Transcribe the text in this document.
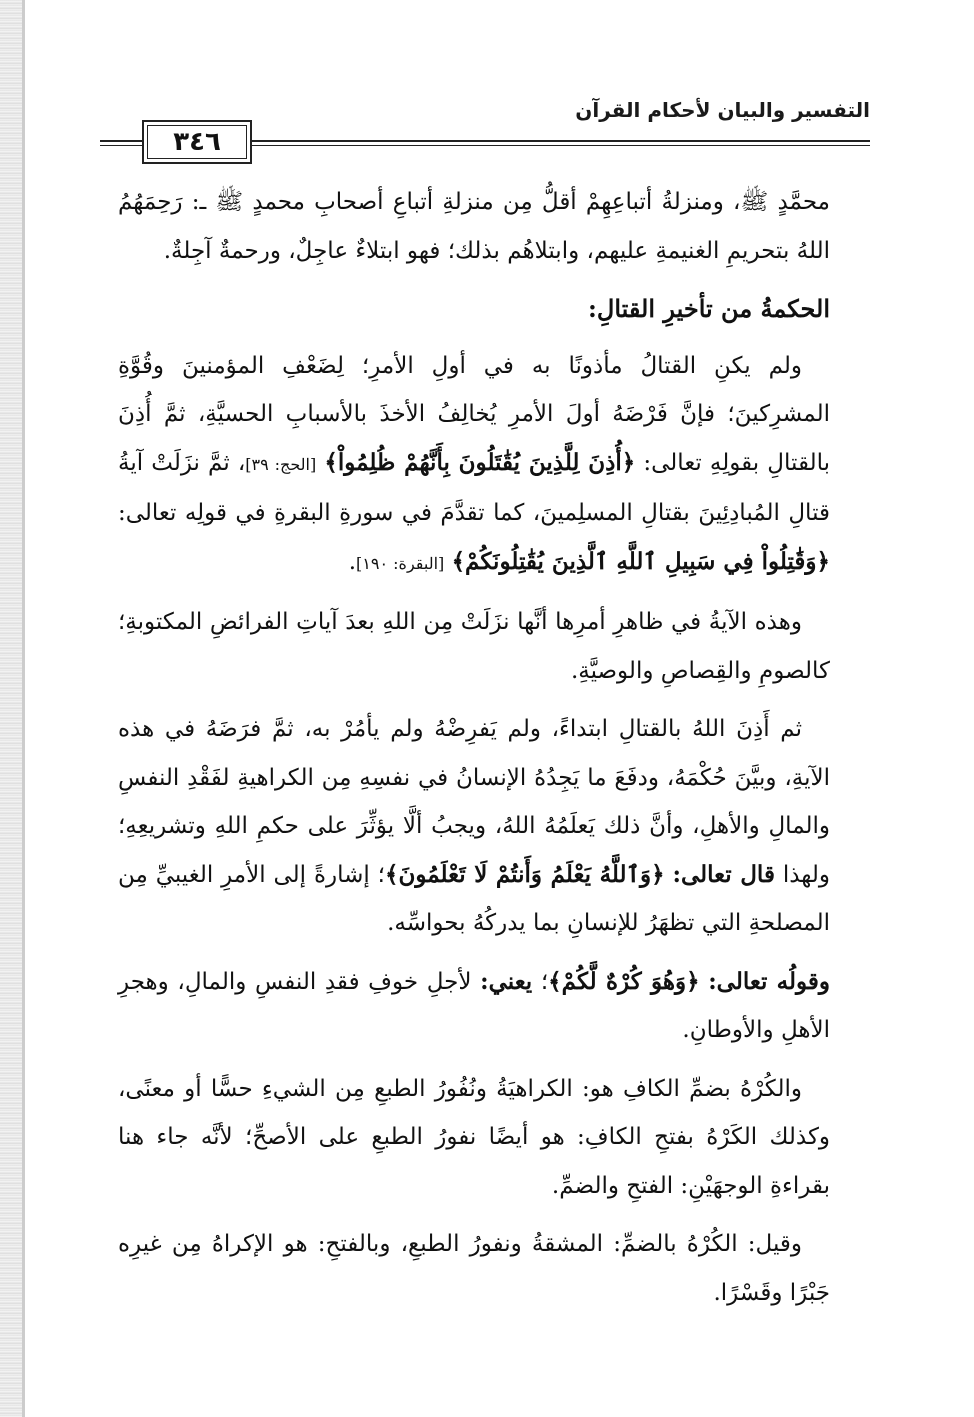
التفسير والبيان لأحكام القرآن
٣٤٦

محمَّدٍ ﷺ، ومنزلةُ أتباعِهِمْ أقلُّ مِن منزلةِ أتباعِ أصحابِ محمدٍ ﷺ ـ: رَحِمَهُمُ اللهُ بتحريمِ الغنيمةِ عليهم، وابتلاهُم بذلك؛ فهو ابتلاءٌ عاجِلٌ، ورحمةٌ آجِلةٌ.

الحكمةُ من تأخيرِ القتالِ:

ولم يكنِ القتالُ مأذونًا به في أولِ الأمرِ؛ لِضَعْفِ المؤمنينَ وقُوَّةِ المشرِكينَ؛ فإنَّ فَرْضَهُ أولَ الأمرِ يُخالِفُ الأخذَ بالأسبابِ الحسيَّةِ، ثمَّ أُذِنَ بالقتالِ بقولِهِ تعالى: ﴿أُذِنَ لِلَّذِينَ يُقَٰتَلُونَ بِأَنَّهُمْ ظُلِمُواْ﴾ [الحج: ٣٩]، ثمَّ نزَلَتْ آيةُ قتالِ المُبادِئِينَ بقتالِ المسلِمينَ، كما تقدَّمَ في سورةِ البقرةِ في قولِه تعالى: ﴿وَقَٰتِلُواْ فِي سَبِيلِ ٱللَّهِ ٱلَّذِينَ يُقَٰتِلُونَكُمْ﴾ [البقرة: ١٩٠].

وهذه الآيةُ في ظاهرِ أمرِها أنَّها نزَلَتْ مِن اللهِ بعدَ آياتِ الفرائضِ المكتوبةِ؛ كالصومِ والقِصاصِ والوصيَّةِ.

ثم أَذِنَ اللهُ بالقتالِ ابتداءً، ولم يَفرِضْهُ ولم يأمُرْ به، ثمَّ فرَضَهُ في هذه الآيةِ، وبيَّنَ حُكْمَهُ، ودفَعَ ما يَجِدُهُ الإنسانُ في نفسِهِ مِن الكراهيةِ لفَقْدِ النفسِ والمالِ والأهلِ، وأنَّ ذلك يَعلَمُهُ اللهُ، ويجبُ ألَّا يؤثِّرَ على حكمِ اللهِ وتشريعِهِ؛ ولهذا قال تعالى: ﴿وَٱللَّهُ يَعْلَمُ وَأَنتُمْ لَا تَعْلَمُونَ﴾؛ إشارةً إلى الأمرِ الغيبيِّ مِن المصلحةِ التي تظهَرُ للإنسانِ بما يدركُهُ بحواسِّه.

وقولُه تعالى: ﴿وَهُوَ كُرْهٌ لَّكُمْ﴾؛ يعني: لأجلِ خوفِ فقدِ النفسِ والمالِ، وهجرِ الأهلِ والأوطانِ.

والكُرْهُ بضمِّ الكافِ هو: الكراهيَةُ ونُفُورُ الطبعِ مِن الشيءِ حسًّا أو معنًى، وكذلك الكَرْهُ بفتحِ الكافِ: هو أيضًا نفورُ الطبعِ على الأصحِّ؛ لأنَّه جاء هنا بقراءةِ الوجهَيْنِ: الفتحِ والضمِّ.

وقيل: الكُرْهُ بالضمِّ: المشقةُ ونفورُ الطبعِ، وبالفتحِ: هو الإكراهُ مِن غيرِه جَبْرًا وقَسْرًا.
